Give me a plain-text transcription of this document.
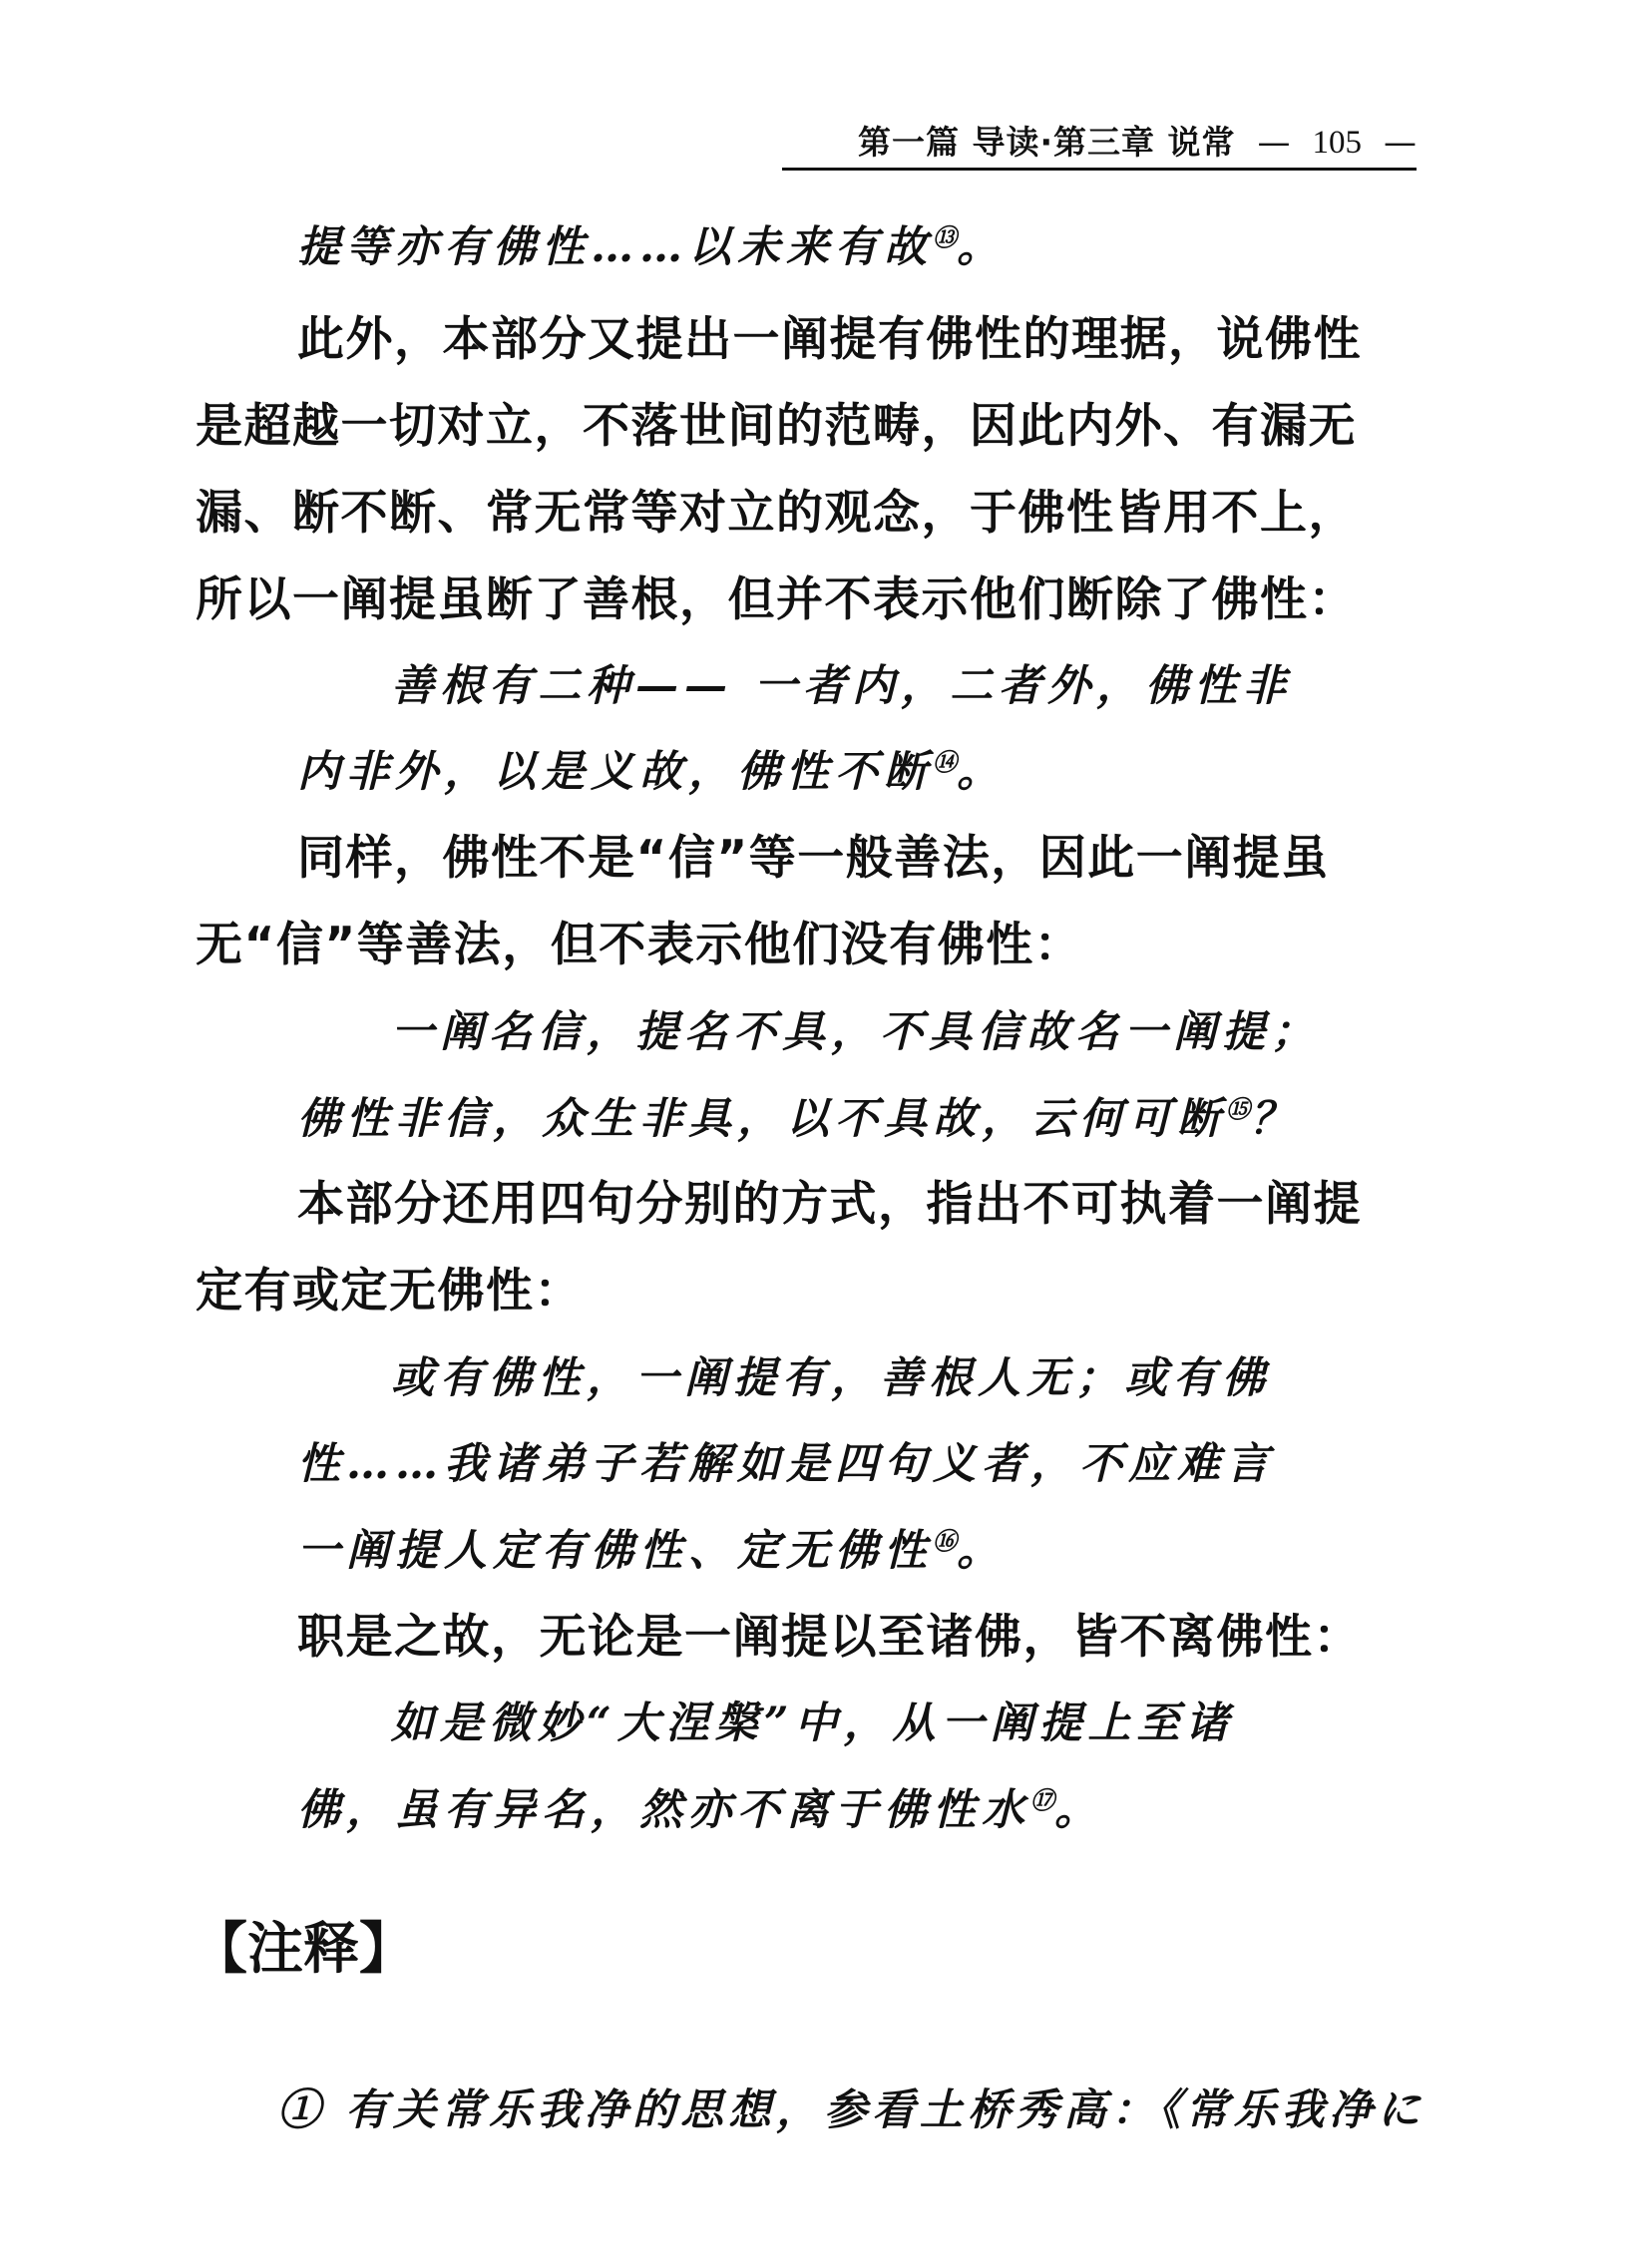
第一篇 导读·第三章 说常 — 105 —
提等亦有佛性……以未来有故⑬。
此外，本部分又提出一阐提有佛性的理据，说佛性
是超越一切对立，不落世间的范畴，因此内外、有漏无
漏、断不断、常无常等对立的观念，于佛性皆用不上，
所以一阐提虽断了善根，但并不表示他们断除了佛性：
善根有二种—— 一者内，二者外，佛性非
内非外，以是义故，佛性不断⑭。
同样，佛性不是“信”等一般善法，因此一阐提虽
无“信”等善法，但不表示他们没有佛性：
一阐名信，提名不具，不具信故名一阐提；
佛性非信，众生非具，以不具故，云何可断⑮？
本部分还用四句分别的方式，指出不可执着一阐提
定有或定无佛性：
或有佛性，一阐提有，善根人无；或有佛
性……我诸弟子若解如是四句义者，不应难言
一阐提人定有佛性、定无佛性⑯。
职是之故，无论是一阐提以至诸佛，皆不离佛性：
如是微妙“大涅槃”中，从一阐提上至诸
佛，虽有异名，然亦不离于佛性水⑰。
【注释】
① 有关常乐我净的思想，参看土桥秀高：《常乐我净に
